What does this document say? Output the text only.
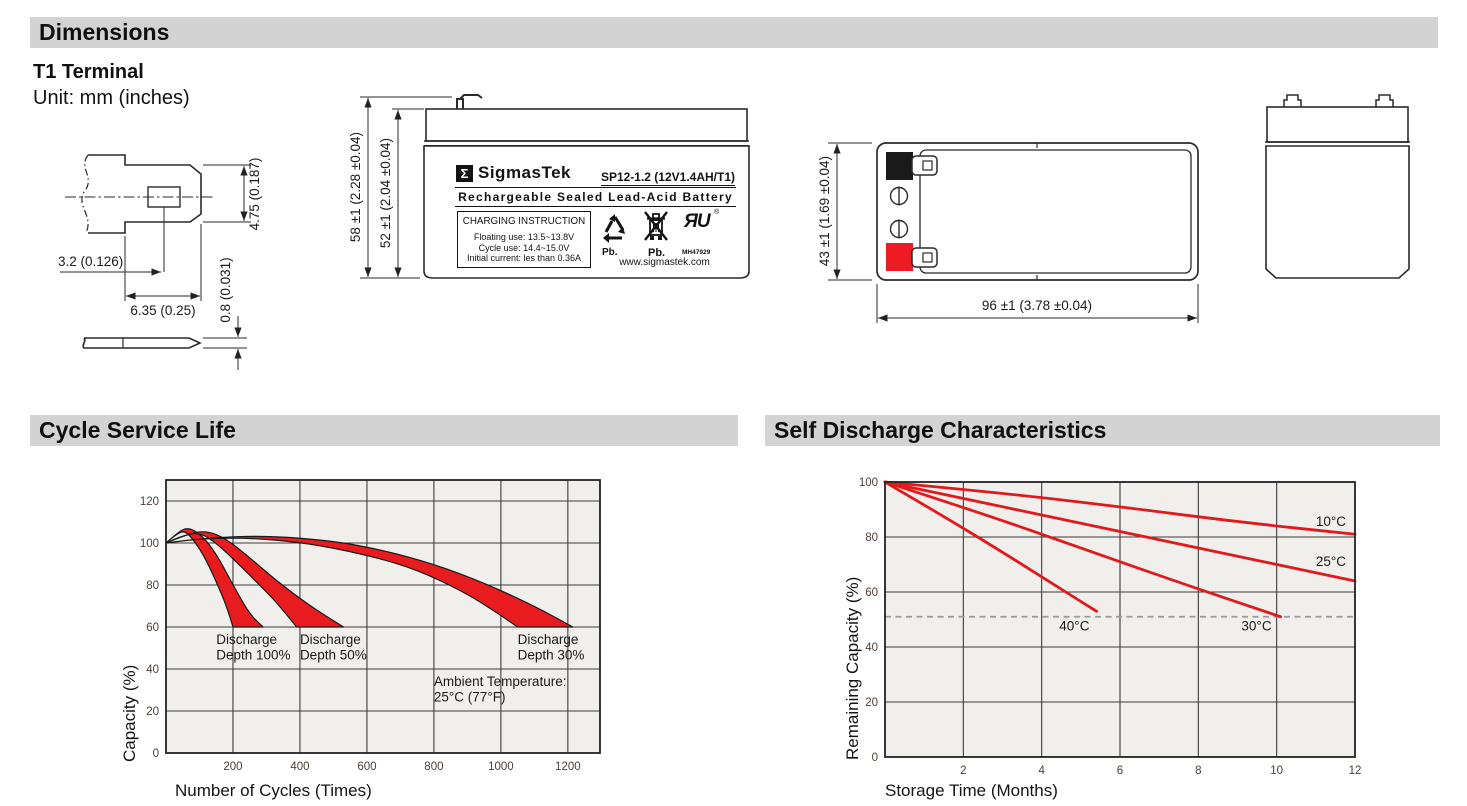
Dimensions
T1 Terminal
Unit: mm (inches)
Cycle Service Life	Self Discharge Characteristics
200	400	600	800	1000	1200
0
20
40
60
80
100
120
Discharge
Depth 100%
Discharge
Depth 50%
Discharge
Depth 30%
Ambient Temperature:
25°C (77°F)
2	4	6	8	10	12
0
20
40
60
80
100
10°C
25°C
30°C
40°C
3.2 (0.126)
4.75 (0.187)
6.35 (0.25) 0.8 (0.031)
58 ±1 (2.28 ±0.04) 52 ±1 (2.04 ±0.04)	43 ±1 (1.69 ±0.04)
96 ±1 (3.78 ±0.04)
Σ SigmasTek SP12-1.2 (12V1.4AH/T1)
Rechargeable Sealed Lead-Acid Battery
CHARGING INSTRUCTION
Floating use: 13.5~13.8V
Cycle use: 14.4~15.0V
Initial current: les than 0.36A	Pb.	Pb.
ЯU ®
MH47929
www.sigmastek.com
Capacity (%)
Number of Cycles (Times)
Remaining Capacity (%)
Storage Time (Months)
